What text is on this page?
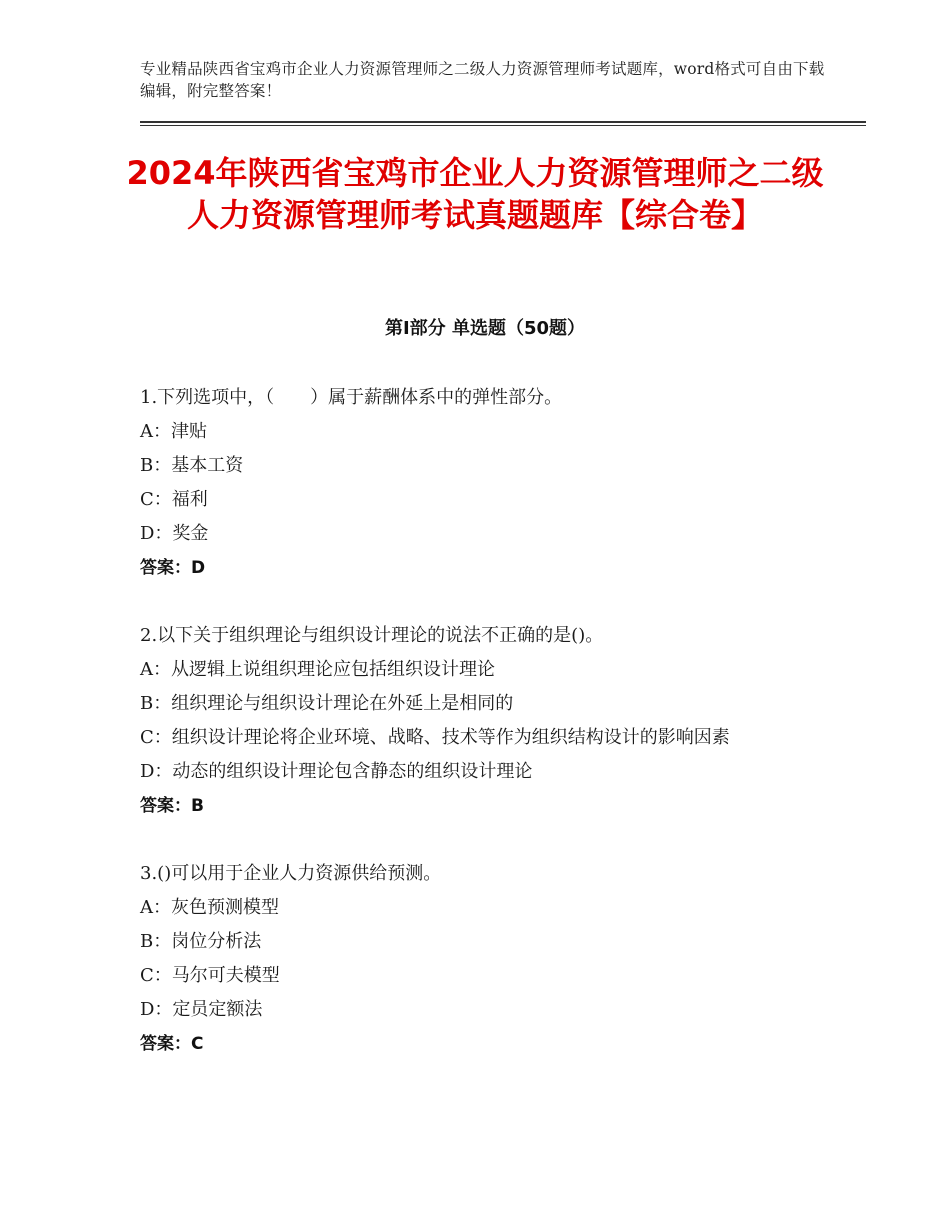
专业精品陕西省宝鸡市企业人力资源管理师之二级人力资源管理师考试题库，word格式可自由下载编辑，附完整答案！
2024年陕西省宝鸡市企业人力资源管理师之二级人力资源管理师考试真题题库【综合卷】
第Ⅰ部分 单选题（50题）
1.下列选项中，（　　）属于薪酬体系中的弹性部分。
A：津贴
B：基本工资
C：福利
D：奖金
答案：D
2.以下关于组织理论与组织设计理论的说法不正确的是()。
A：从逻辑上说组织理论应包括组织设计理论
B：组织理论与组织设计理论在外延上是相同的
C：组织设计理论将企业环境、战略、技术等作为组织结构设计的影响因素
D：动态的组织设计理论包含静态的组织设计理论
答案：B
3.()可以用于企业人力资源供给预测。
A：灰色预测模型
B：岗位分析法
C：马尔可夫模型
D：定员定额法
答案：C
